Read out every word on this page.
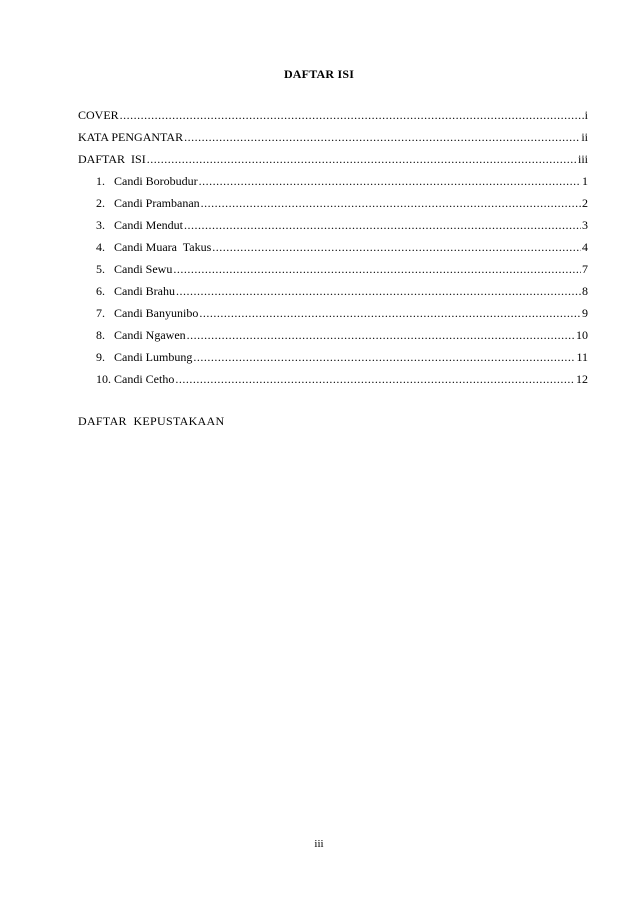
DAFTAR ISI
COVER .....	i
KATA PENGANTAR .....	ii
DAFTAR  ISI .....	iii
1. Candi Borobudur .....	1
2. Candi Prambanan .....	2
3. Candi Mendut .....	3
4. Candi Muara  Takus .....	4
5. Candi Sewu .....	7
6. Candi Brahu .....	8
7. Candi Banyunibo .....	9
8. Candi Ngawen .....	10
9. Candi Lumbung .....	11
10. Candi Cetho .....	12
DAFTAR  KEPUSTAKAAN
iii
